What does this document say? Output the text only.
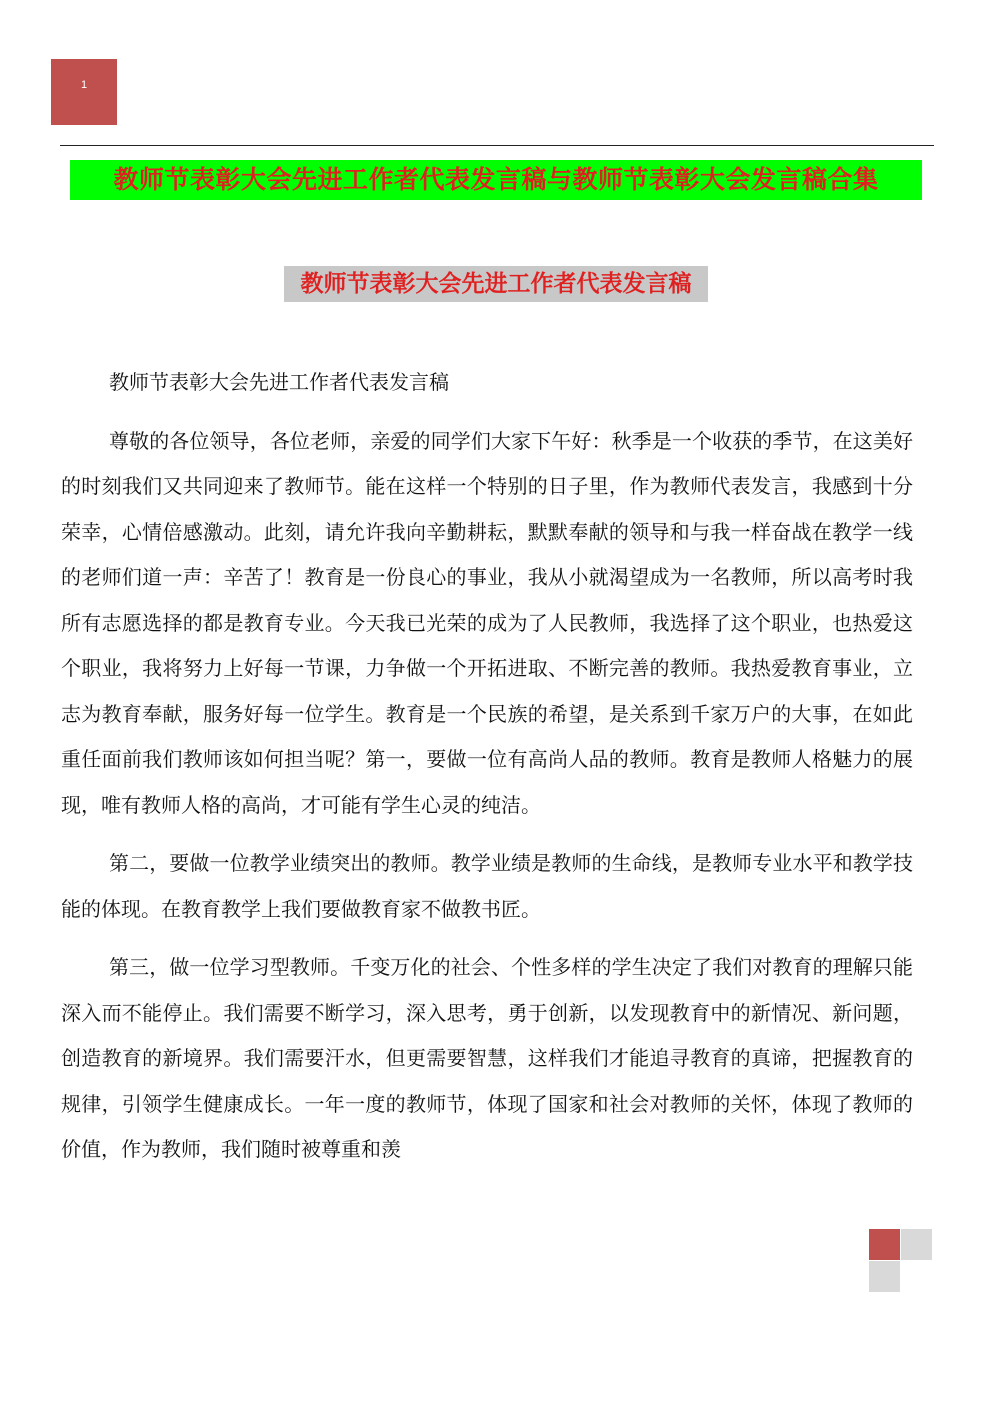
1
教师节表彰大会先进工作者代表发言稿与教师节表彰大会发言稿合集
教师节表彰大会先进工作者代表发言稿

教师节表彰大会先进工作者代表发言稿

尊敬的各位领导，各位老师，亲爱的同学们大家下午好：秋季是一个收获的季节，在这美好的时刻我们又共同迎来了教师节。能在这样一个特别的日子里，作为教师代表发言，我感到十分荣幸，心情倍感激动。此刻，请允许我向辛勤耕耘，默默奉献的领导和与我一样奋战在教学一线的老师们道一声：辛苦了！教育是一份良心的事业，我从小就渴望成为一名教师，所以高考时我所有志愿选择的都是教育专业。今天我已光荣的成为了人民教师，我选择了这个职业，也热爱这个职业，我将努力上好每一节课，力争做一个开拓进取、不断完善的教师。我热爱教育事业，立志为教育奉献，服务好每一位学生。教育是一个民族的希望，是关系到千家万户的大事，在如此重任面前我们教师该如何担当呢？第一，要做一位有高尚人品的教师。教育是教师人格魅力的展现，唯有教师人格的高尚，才可能有学生心灵的纯洁。

第二，要做一位教学业绩突出的教师。教学业绩是教师的生命线，是教师专业水平和教学技能的体现。在教育教学上我们要做教育家不做教书匠。

第三，做一位学习型教师。千变万化的社会、个性多样的学生决定了我们对教育的理解只能深入而不能停止。我们需要不断学习，深入思考，勇于创新，以发现教育中的新情况、新问题，创造教育的新境界。我们需要汗水，但更需要智慧，这样我们才能追寻教育的真谛，把握教育的规律，引领学生健康成长。一年一度的教师节，体现了国家和社会对教师的关怀，体现了教师的价值，作为教师，我们随时被尊重和羡
